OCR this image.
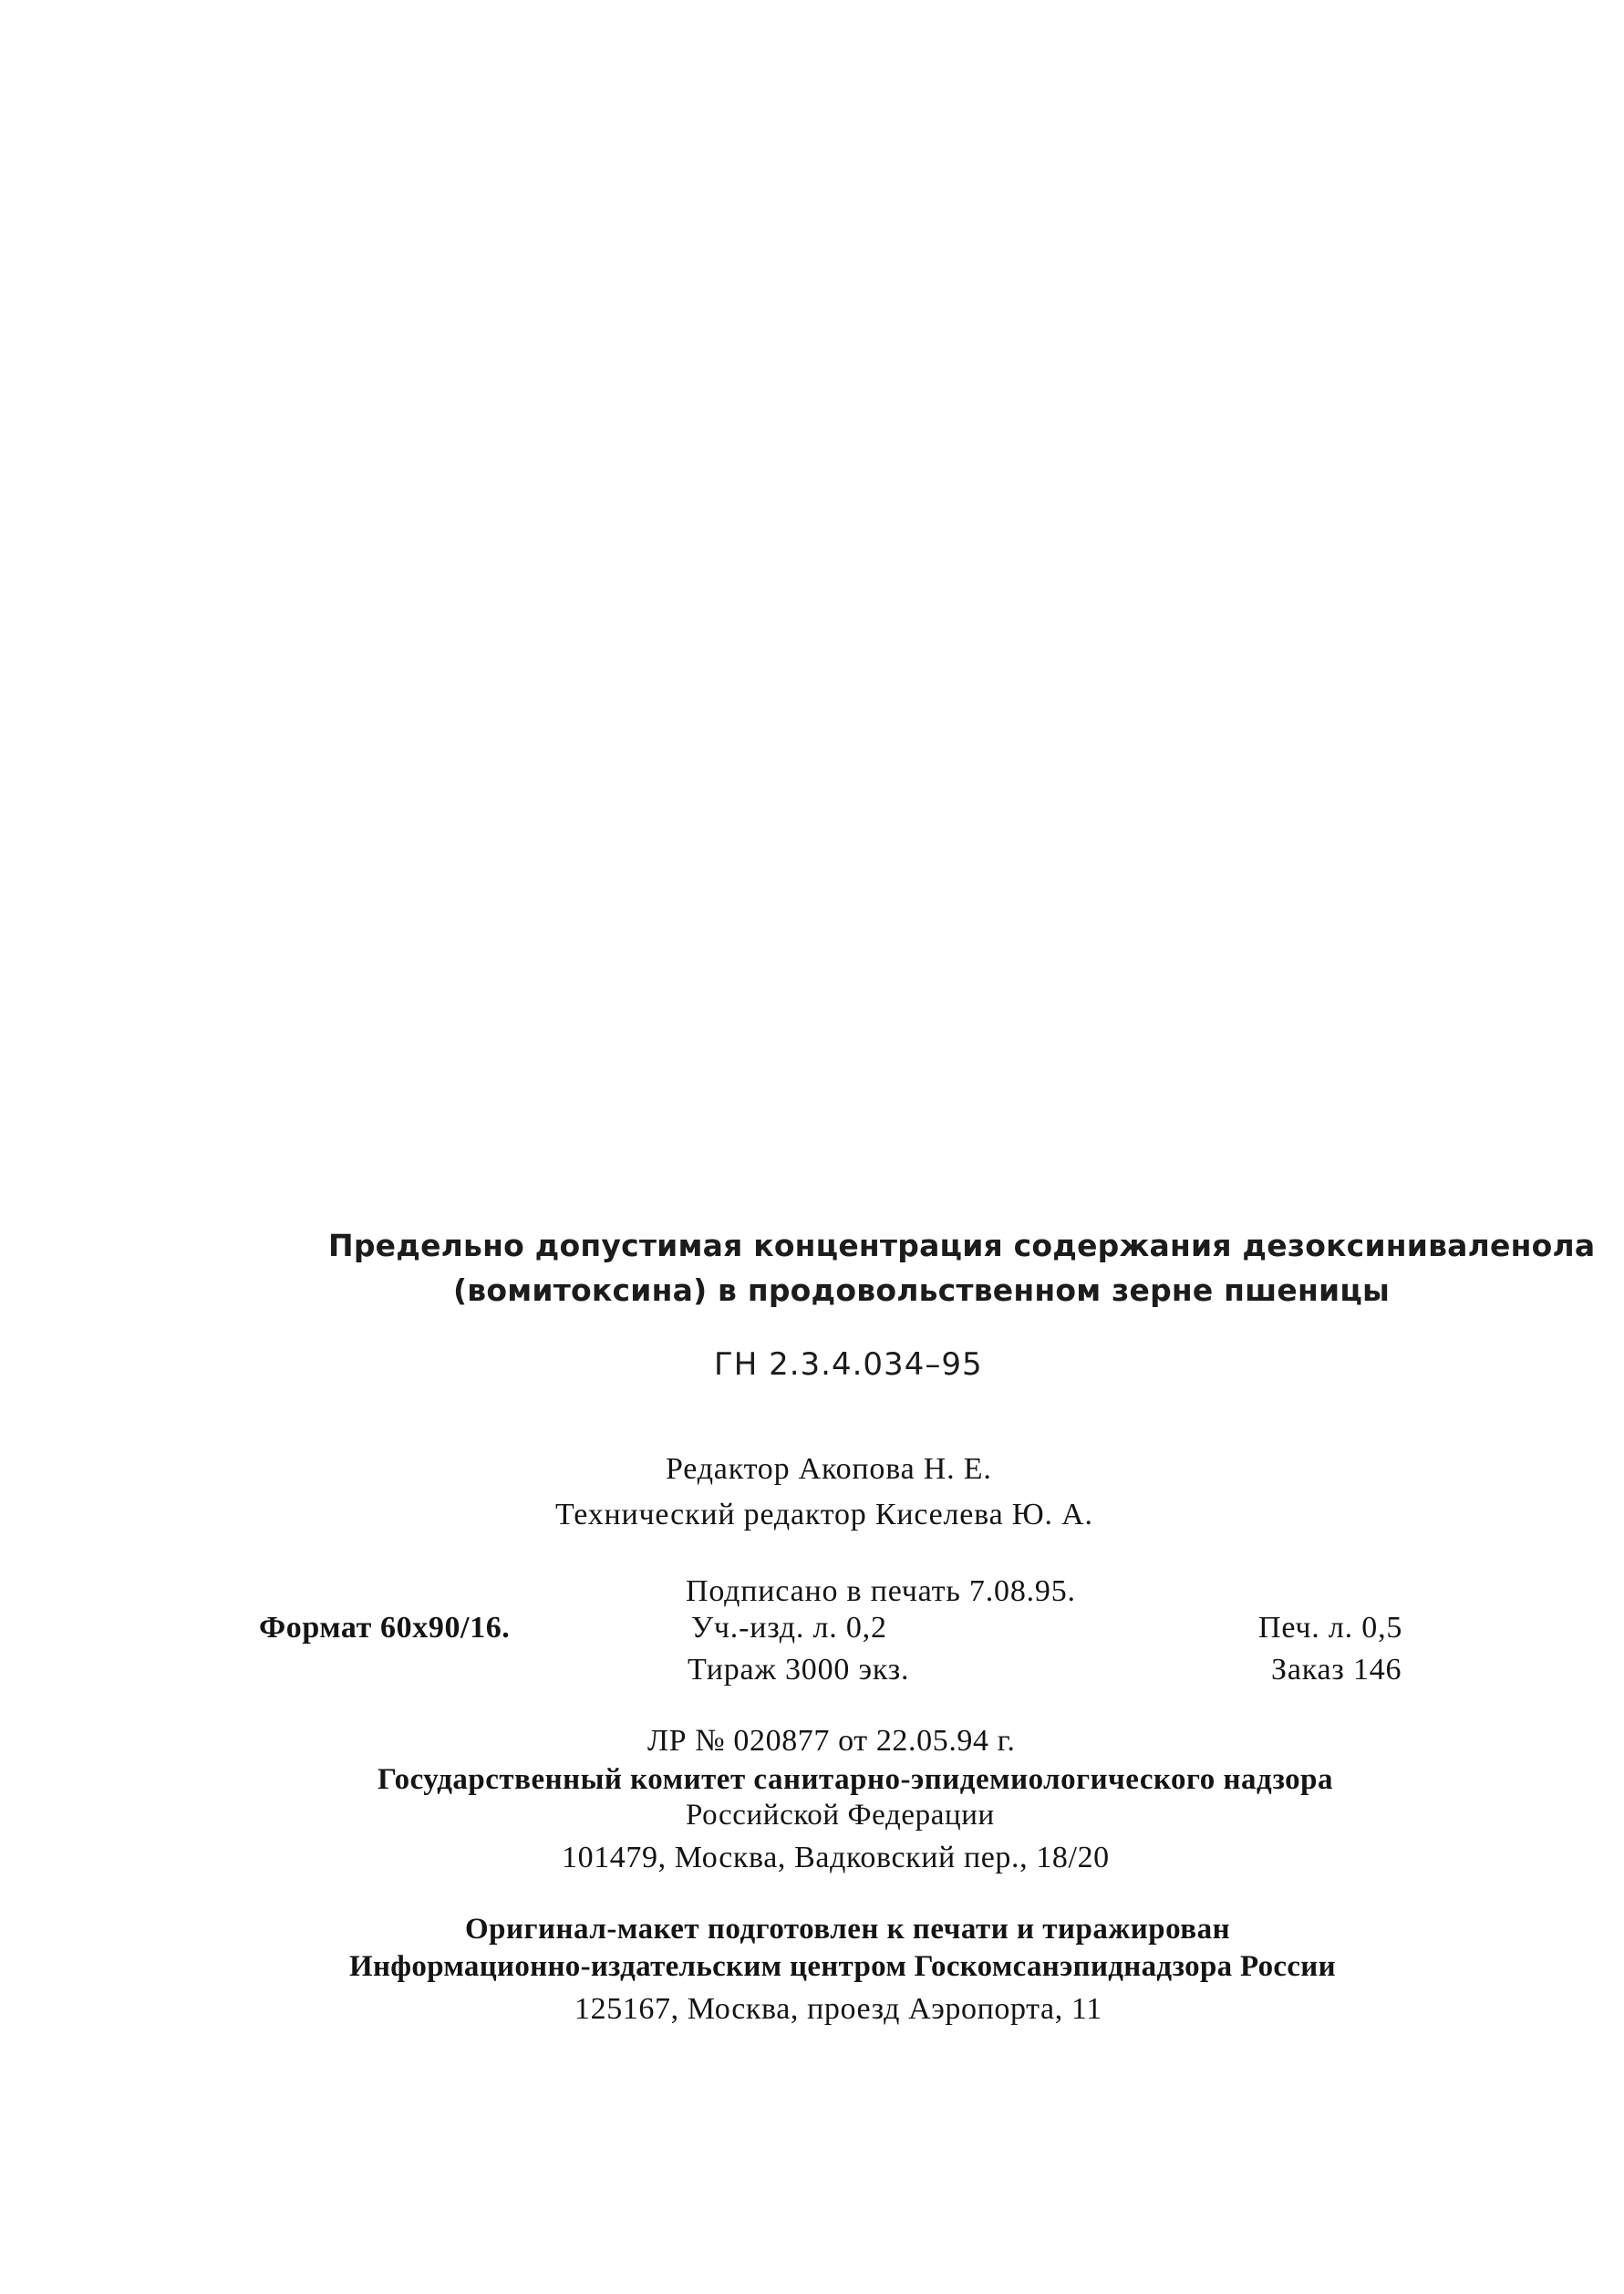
Предельно допустимая концентрация содержания дезоксиниваленола
(вомитоксина) в продовольственном зерне пшеницы
ГН 2.3.4.034–95
Редактор Акопова Н. Е.
Технический редактор Киселева Ю. А.
Подписано в печать 7.08.95.
Формат 60х90/16.	Уч.-изд. л. 0,2	Печ. л. 0,5
Тираж 3000 экз.	Заказ 146
ЛР № 020877 от 22.05.94 г.
Государственный комитет санитарно-эпидемиологического надзора
Российской Федерации
101479, Москва, Вадковский пер., 18/20
Оригинал-макет подготовлен к печати и тиражирован
Информационно-издательским центром Госкомсанэпиднадзора России
125167, Москва, проезд Аэропорта, 11
